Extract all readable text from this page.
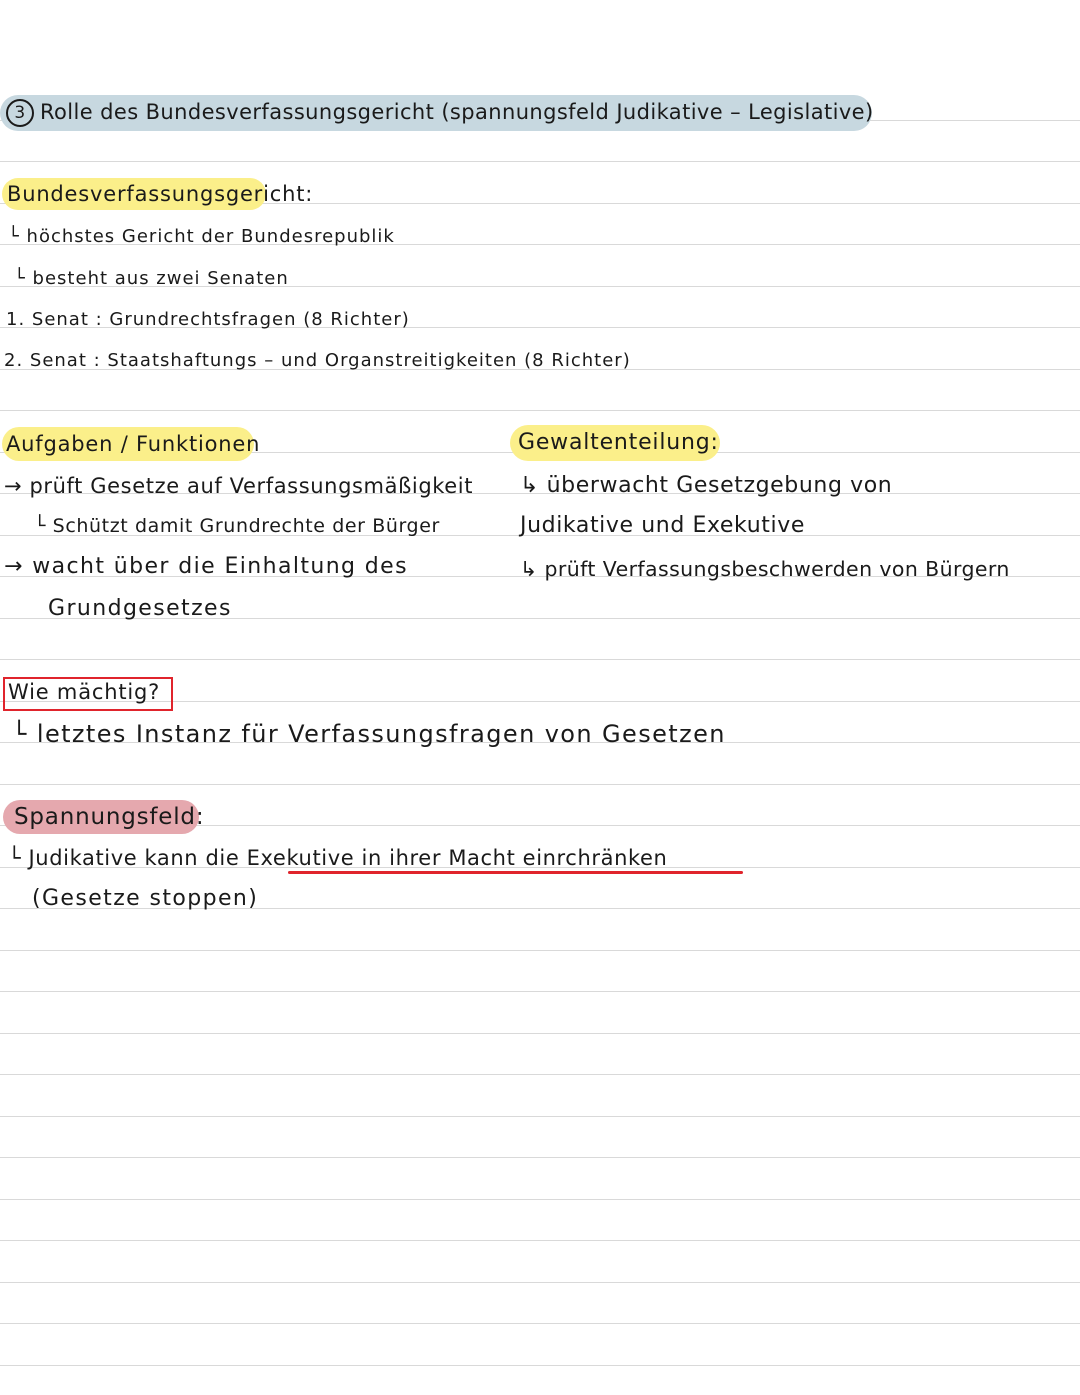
3 Rolle des Bundesverfassungsgericht (spannungsfeld Judikative – Legislative)
Bundesverfassungsgericht:
└ höchstes Gericht der Bundesrepublik
└ besteht aus zwei Senaten
1. Senat : Grundrechtsfragen (8 Richter)
2. Senat : Staatshaftungs – und Organstreitigkeiten (8 Richter)
Aufgaben / Funktionen
→ prüft Gesetze auf Verfassungsmäßigkeit
└ Schützt damit Grundrechte der Bürger
→ wacht über die Einhaltung des
Grundgesetzes
Gewaltenteilung:
↳ überwacht Gesetzgebung von
Judikative und Exekutive
↳ prüft Verfassungsbeschwerden von Bürgern
Wie mächtig?
└ letztes Instanz für Verfassungsfragen von Gesetzen
Spannungsfeld:
└ Judikative kann die Exekutive in ihrer Macht einrchränken
(Gesetze stoppen)
